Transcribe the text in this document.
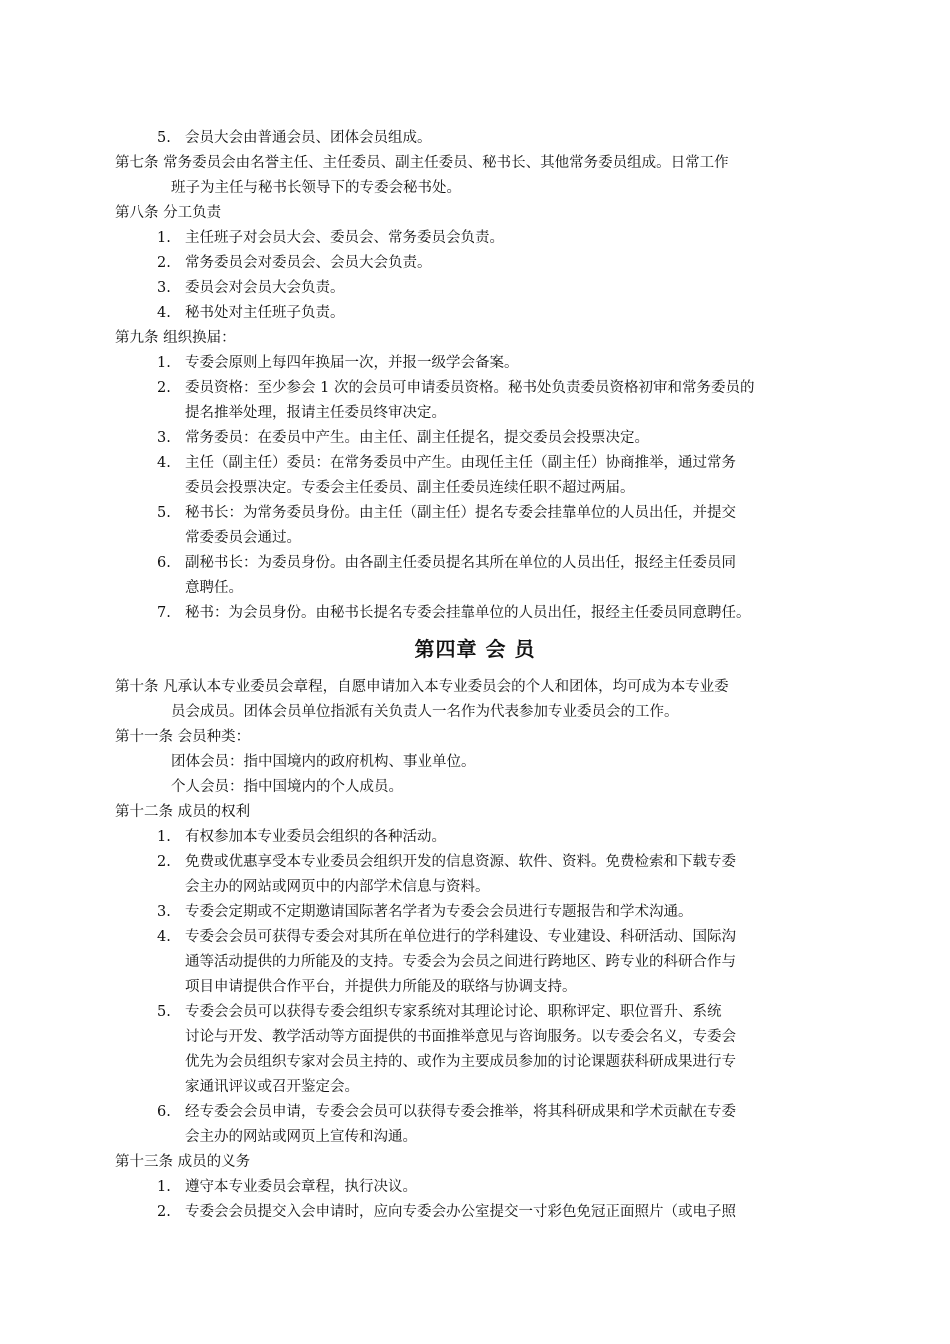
5. 会员大会由普通会员、团体会员组成。
第七条 常务委员会由名誉主任、主任委员、副主任委员、秘书长、其他常务委员组成。日常工作
班子为主任与秘书长领导下的专委会秘书处。
第八条 分工负责
1. 主任班子对会员大会、委员会、常务委员会负责。
2. 常务委员会对委员会、会员大会负责。
3. 委员会对会员大会负责。
4. 秘书处对主任班子负责。
第九条 组织换届：
1. 专委会原则上每四年换届一次，并报一级学会备案。
2. 委员资格：至少参会 1 次的会员可申请委员资格。秘书处负责委员资格初审和常务委员的
提名推举处理，报请主任委员终审决定。
3. 常务委员：在委员中产生。由主任、副主任提名，提交委员会投票决定。
4. 主任（副主任）委员：在常务委员中产生。由现任主任（副主任）协商推举，通过常务
委员会投票决定。专委会主任委员、副主任委员连续任职不超过两届。
5. 秘书长：为常务委员身份。由主任（副主任）提名专委会挂靠单位的人员出任，并提交
常委委员会通过。
6. 副秘书长：为委员身份。由各副主任委员提名其所在单位的人员出任，报经主任委员同
意聘任。
7. 秘书：为会员身份。由秘书长提名专委会挂靠单位的人员出任，报经主任委员同意聘任。
第四章 会 员
第十条 凡承认本专业委员会章程，自愿申请加入本专业委员会的个人和团体，均可成为本专业委
员会成员。团体会员单位指派有关负责人一名作为代表参加专业委员会的工作。
第十一条 会员种类：
团体会员：指中国境内的政府机构、事业单位。
个人会员：指中国境内的个人成员。
第十二条 成员的权利
1. 有权参加本专业委员会组织的各种活动。
2. 免费或优惠享受本专业委员会组织开发的信息资源、软件、资料。免费检索和下载专委
会主办的网站或网页中的内部学术信息与资料。
3. 专委会定期或不定期邀请国际著名学者为专委会会员进行专题报告和学术沟通。
4. 专委会会员可获得专委会对其所在单位进行的学科建设、专业建设、科研活动、国际沟
通等活动提供的力所能及的支持。专委会为会员之间进行跨地区、跨专业的科研合作与
项目申请提供合作平台，并提供力所能及的联络与协调支持。
5. 专委会会员可以获得专委会组织专家系统对其理论讨论、职称评定、职位晋升、系统
讨论与开发、教学活动等方面提供的书面推举意见与咨询服务。以专委会名义，专委会
优先为会员组织专家对会员主持的、或作为主要成员参加的讨论课题获科研成果进行专
家通讯评议或召开鉴定会。
6. 经专委会会员申请，专委会会员可以获得专委会推举，将其科研成果和学术贡献在专委
会主办的网站或网页上宣传和沟通。
第十三条 成员的义务
1. 遵守本专业委员会章程，执行决议。
2. 专委会会员提交入会申请时，应向专委会办公室提交一寸彩色免冠正面照片（或电子照
